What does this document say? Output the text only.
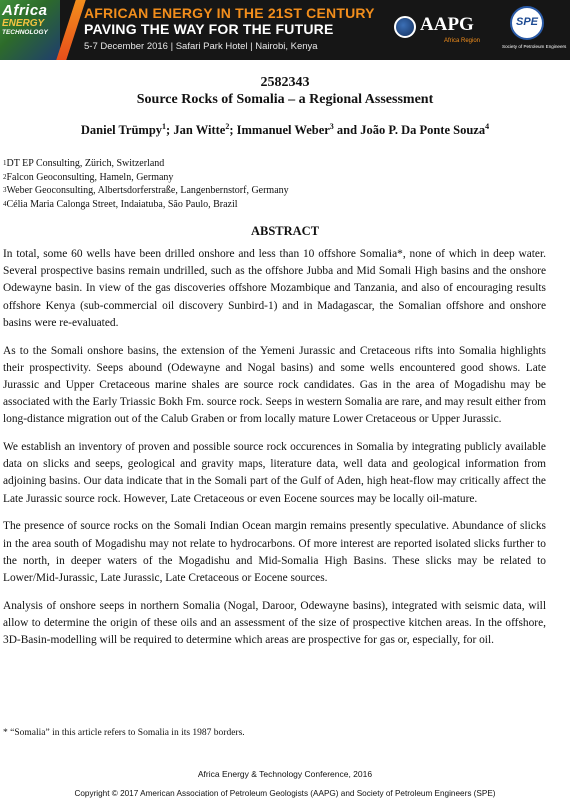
Africa
ENERGY
TECHNOLOGY
AFRICAN ENERGY IN THE 21ST CENTURY
PAVING THE WAY FOR THE FUTURE
5-7 December 2016 | Safari Park Hotel | Nairobi, Kenya
AAPG
Africa Region
SPE
Society of Petroleum Engineers
2582343
Source Rocks of Somalia – a Regional Assessment
Daniel Trümpy$^1$; Jan Witte$^2$; Immanuel Weber$^3$ and João P. Da Ponte Souza$^4$
$^1$DT EP Consulting, Zürich, Switzerland
$^2$Falcon Geoconsulting, Hameln, Germany
$^3$Weber Geoconsulting, Albertsdorferstraße, Langenbernstorf, Germany
$^4$Célia Maria Calonga Street, Indaiatuba, São Paulo, Brazil
ABSTRACT

In total, some 60 wells have been drilled onshore and less than 10 offshore Somalia*, none of which in deep water. Several prospective basins remain undrilled, such as the offshore Jubba and Mid Somali High basins and the onshore Odewayne basin. In view of the gas discoveries offshore Mozambique and Tanzania, and also of encouraging results offshore Kenya (sub-commercial oil discovery Sunbird-1) and in Madagascar, the Somalian offshore and onshore basins were re-evaluated.

As to the Somali onshore basins, the extension of the Yemeni Jurassic and Cretaceous rifts into Somalia highlights their prospectivity. Seeps abound (Odewayne and Nogal basins) and some wells encountered good shows. Late Jurassic and Upper Cretaceous marine shales are source rock candidates. Gas in the area of Mogadishu may be associated with the Early Triassic Bokh Fm. source rock. Seeps in western Somalia are rare, and may result either from long-distance migration out of the Calub Graben or from locally mature Lower Cretaceous or Upper Jurassic.

We establish an inventory of proven and possible source rock occurences in Somalia by integrating publicly available data on slicks and seeps, geological and gravity maps, literature data, well data and geological information from adjoining basins. Our data indicate that in the Somali part of the Gulf of Aden, high heat-flow may critically affect the Late Jurassic source rock. However, Late Cretaceous or even Eocene sources may be locally oil-mature.

The presence of source rocks on the Somali Indian Ocean margin remains presently speculative. Abundance of slicks in the area south of Mogadishu may not relate to hydrocarbons. Of more interest are reported isolated slicks further to the north, in deeper waters of the Mogadishu and Mid-Somalia High Basins. These slicks may be related to Lower/Mid-Jurassic, Late Jurassic, Late Cretaceous or Eocene sources.

Analysis of onshore seeps in northern Somalia (Nogal, Daroor, Odewayne basins), integrated with seismic data, will allow to determine the origin of these oils and an assessment of the size of prospective kitchen areas. In the offshore, 3D-Basin-modelling will be required to determine which areas are prospective for gas or, especially, for oil.

* “Somalia” in this article refers to Somalia in its 1987 borders.
Africa Energy & Technology Conference, 2016
Copyright © 2017 American Association of Petroleum Geologists (AAPG) and Society of Petroleum Engineers (SPE)
